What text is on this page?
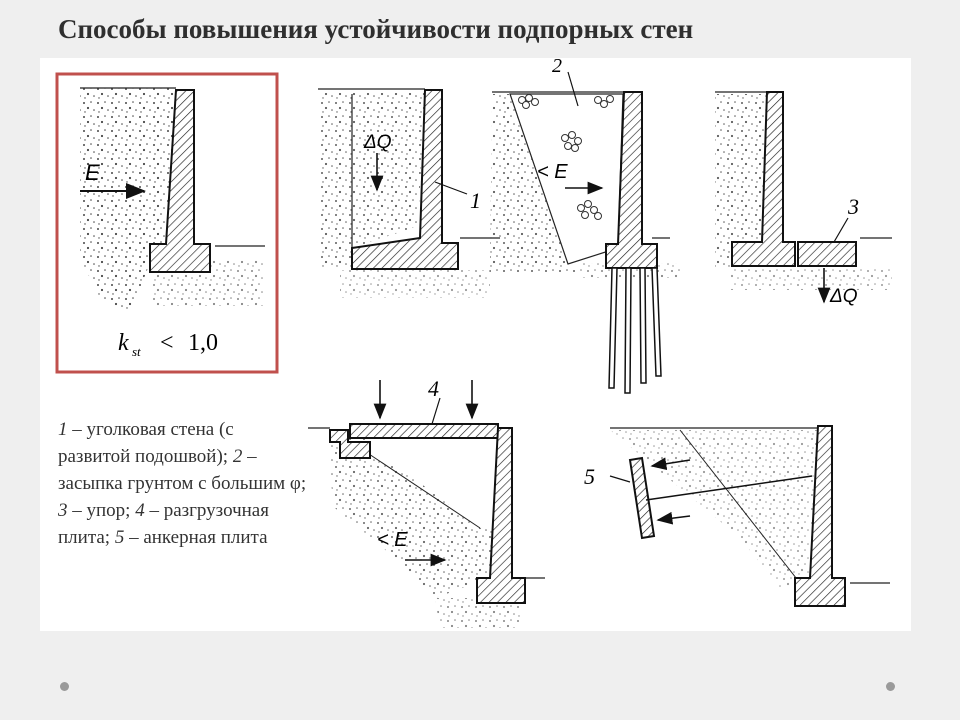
Способы повышения устойчивости подпорных стен
E
k st < 1,0
ΔQ
1
< E
2
ΔQ
3
4
< E
5
1 – уголковая стена (с развитой подошвой); 2 – засыпка грунтом с большим φ; 3 – упор; 4 – разгрузочная плита; 5 – анкерная плита
